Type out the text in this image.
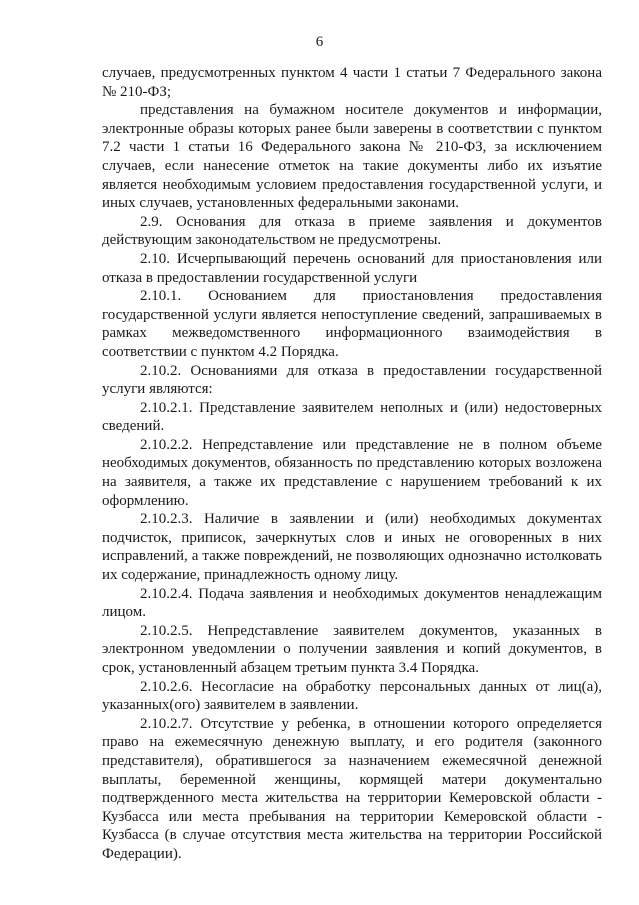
6

случаев, предусмотренных пунктом 4 части 1 статьи 7 Федерального закона № 210-ФЗ;

представления на бумажном носителе документов и информации, электронные образы которых ранее были заверены в соответствии с пунктом 7.2 части 1 статьи 16 Федерального закона № 210-ФЗ, за исключением случаев, если нанесение отметок на такие документы либо их изъятие является необходимым условием предоставления государственной услуги, и иных случаев, установленных федеральными законами.

2.9. Основания для отказа в приеме заявления и документов действующим законодательством не предусмотрены.

2.10. Исчерпывающий перечень оснований для приостановления или отказа в предоставлении государственной услуги

2.10.1. Основанием для приостановления предоставления государственной услуги является непоступление сведений, запрашиваемых в рамках межведомственного информационного взаимодействия в соответствии с пунктом 4.2 Порядка.

2.10.2. Основаниями для отказа в предоставлении государственной услуги являются:

2.10.2.1. Представление заявителем неполных и (или) недостоверных сведений.

2.10.2.2. Непредставление или представление не в полном объеме необходимых документов, обязанность по представлению которых возложена на заявителя, а также их представление с нарушением требований к их оформлению.

2.10.2.3. Наличие в заявлении и (или) необходимых документах подчисток, приписок, зачеркнутых слов и иных не оговоренных в них исправлений, а также повреждений, не позволяющих однозначно истолковать их содержание, принадлежность одному лицу.

2.10.2.4. Подача заявления и необходимых документов ненадлежащим лицом.

2.10.2.5. Непредставление заявителем документов, указанных в электронном уведомлении о получении заявления и копий документов, в срок, установленный абзацем третьим пункта 3.4 Порядка.

2.10.2.6. Несогласие на обработку персональных данных от лиц(а), указанных(ого) заявителем в заявлении.

2.10.2.7. Отсутствие у ребенка, в отношении которого определяется право на ежемесячную денежную выплату, и его родителя (законного представителя), обратившегося за назначением ежемесячной денежной выплаты, беременной женщины, кормящей матери документально подтвержденного места жительства на территории Кемеровской области - Кузбасса или места пребывания на территории Кемеровской области - Кузбасса (в случае отсутствия места жительства на территории Российской Федерации).
